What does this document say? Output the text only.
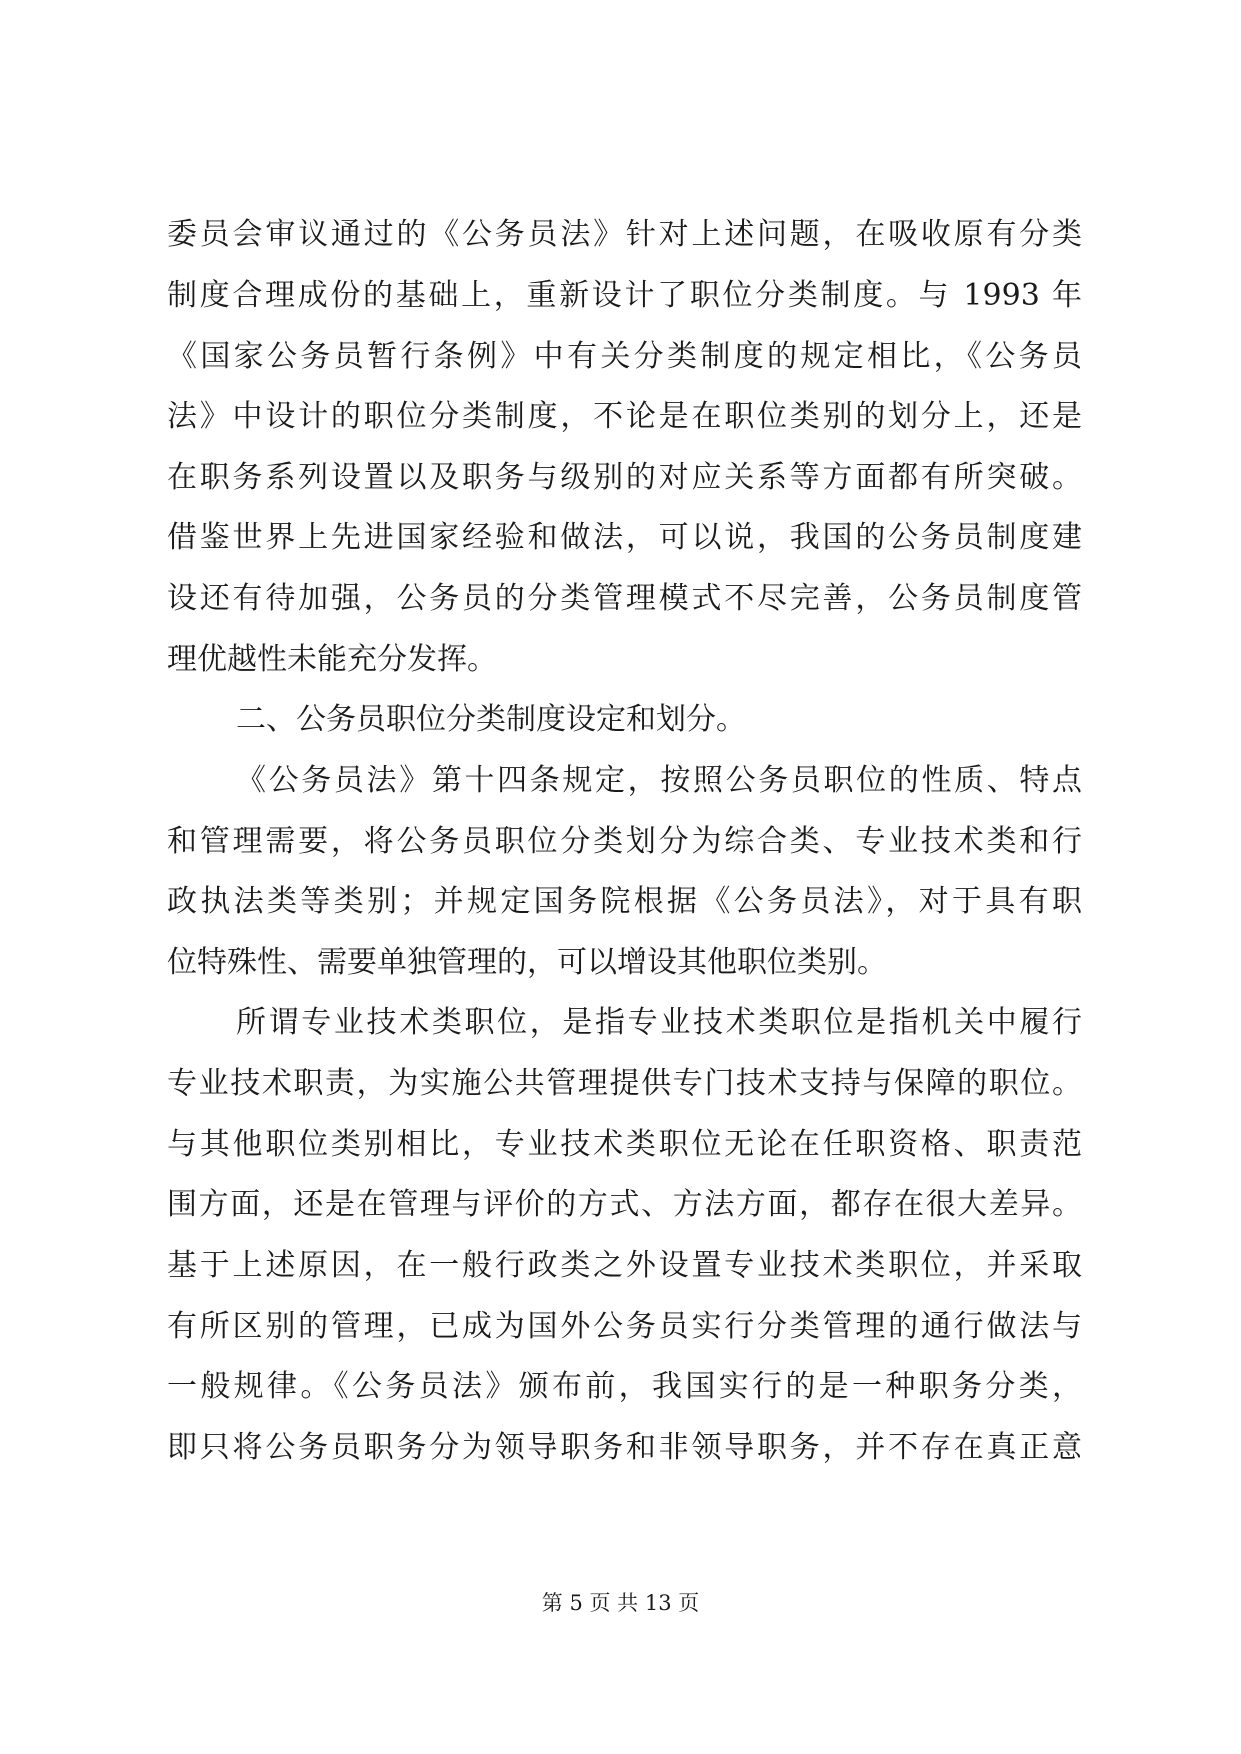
委员会审议通过的《公务员法》针对上述问题，在吸收原有分类
制度合理成份的基础上，重新设计了职位分类制度。与 1993 年
《国家公务员暂行条例》中有关分类制度的规定相比，《公务员
法》中设计的职位分类制度，不论是在职位类别的划分上，还是
在职务系列设置以及职务与级别的对应关系等方面都有所突破。
借鉴世界上先进国家经验和做法，可以说，我国的公务员制度建
设还有待加强，公务员的分类管理模式不尽完善，公务员制度管
理优越性未能充分发挥。
二、公务员职位分类制度设定和划分。
《公务员法》第十四条规定，按照公务员职位的性质、特点
和管理需要，将公务员职位分类划分为综合类、专业技术类和行
政执法类等类别；并规定国务院根据《公务员法》，对于具有职
位特殊性、需要单独管理的，可以增设其他职位类别。
所谓专业技术类职位，是指专业技术类职位是指机关中履行
专业技术职责，为实施公共管理提供专门技术支持与保障的职位。
与其他职位类别相比，专业技术类职位无论在任职资格、职责范
围方面，还是在管理与评价的方式、方法方面，都存在很大差异。
基于上述原因，在一般行政类之外设置专业技术类职位，并采取
有所区别的管理，已成为国外公务员实行分类管理的通行做法与
一般规律。《公务员法》颁布前，我国实行的是一种职务分类，
即只将公务员职务分为领导职务和非领导职务，并不存在真正意
第 5 页 共 13 页
